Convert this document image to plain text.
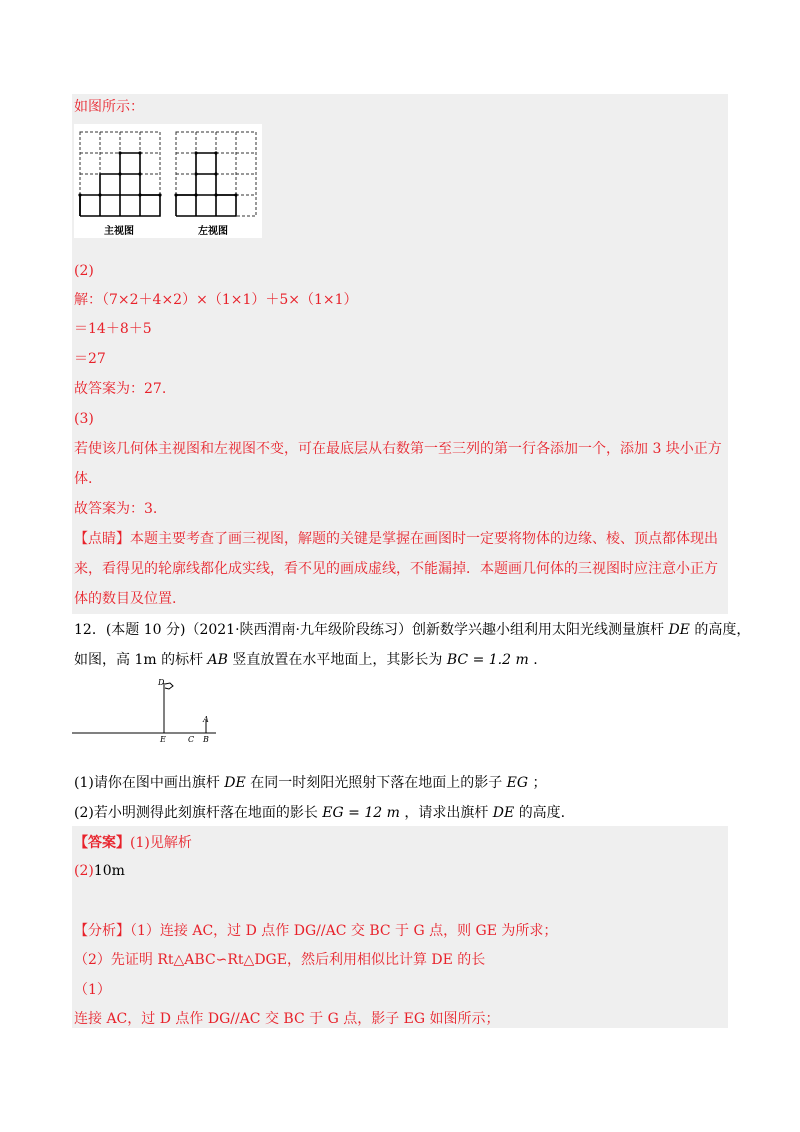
如图所示：
主视图	左视图
(2)
解：（7×2＋4×2）×（1×1）＋5×（1×1）
＝14＋8＋5
＝27
故答案为：27.
(3)
若使该几何体主视图和左视图不变，可在最底层从右数第一至三列的第一行各添加一个，添加 3 块小正方
体.
故答案为：3.
【点睛】本题主要考查了画三视图，解题的关键是掌握在画图时一定要将物体的边缘、棱、顶点都体现出
来，看得见的轮廓线都化成实线，看不见的画成虚线，不能漏掉．本题画几何体的三视图时应注意小正方
体的数目及位置.
12．(本题 10 分)（2021·陕西渭南·九年级阶段练习）创新数学兴趣小组利用太阳光线测量旗杆 DE 的高度，
如图，高 1m 的标杆 AB 竖直放置在水平地面上，其影长为 BC = 1.2 m .
D
A
E	C B
(1)请你在图中画出旗杆 DE 在同一时刻阳光照射下落在地面上的影子 EG ；
(2)若小明测得此刻旗杆落在地面的影长 EG = 12 m ，请求出旗杆 DE 的高度.
【答案】(1)见解析
(2)10m
【分析】（1）连接 AC，过 D 点作 DG//AC 交 BC 于 G 点，则 GE 为所求；
（2）先证明 Rt△ABC∽Rt△DGE，然后利用相似比计算 DE 的长
（1）
连接 AC，过 D 点作 DG//AC 交 BC 于 G 点，影子 EG 如图所示；
